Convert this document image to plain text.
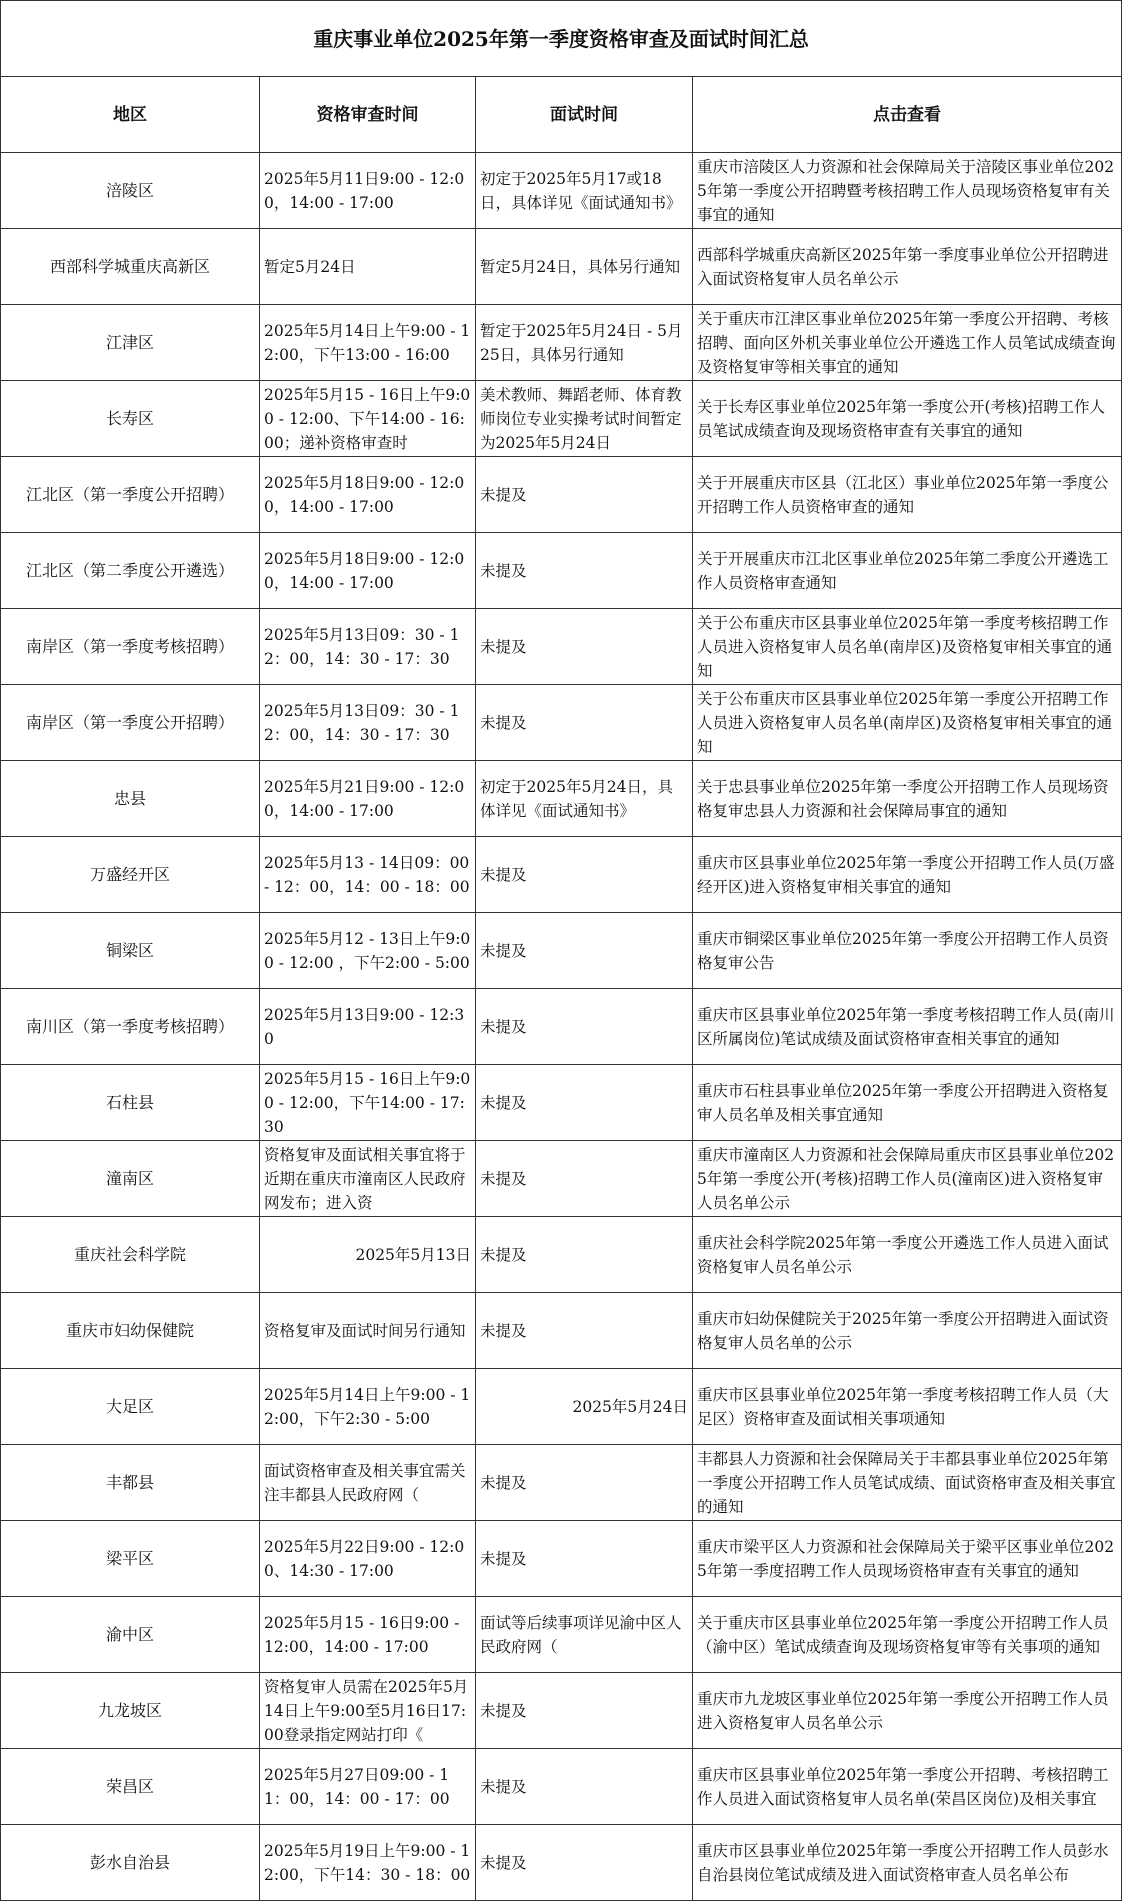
重庆事业单位2025年第一季度资格审查及面试时间汇总			
地区	资格审查时间	面试时间	点击查看

涪陵区	2025年5月11日9:00 - 12:00，14:00 - 17:00	初定于2025年5月17或18日，具体详见《面试通知书》	重庆市涪陵区人力资源和社会保障局关于涪陵区事业单位2025年第一季度公开招聘暨考核招聘工作人员现场资格复审有关事宜的通知

西部科学城重庆高新区	暂定5月24日	暂定5月24日，具体另行通知	西部科学城重庆高新区2025年第一季度事业单位公开招聘进入面试资格复审人员名单公示

江津区	2025年5月14日上午9:00 - 12:00，下午13:00 - 16:00	暂定于2025年5月24日 - 5月25日，具体另行通知	关于重庆市江津区事业单位2025年第一季度公开招聘、考核招聘、面向区外机关事业单位公开遴选工作人员笔试成绩查询及资格复审等相关事宜的通知

长寿区	2025年5月15 - 16日上午9:00 - 12:00、下午14:00 - 16:00；递补资格审查时	美术教师、舞蹈老师、体育教师岗位专业实操考试时间暂定为2025年5月24日	关于长寿区事业单位2025年第一季度公开(考核)招聘工作人员笔试成绩查询及现场资格审查有关事宜的通知

江北区（第一季度公开招聘）	2025年5月18日9:00 - 12:00，14:00 - 17:00	未提及	关于开展重庆市区县（江北区）事业单位2025年第一季度公开招聘工作人员资格审查的通知

江北区（第二季度公开遴选）	2025年5月18日9:00 - 12:00，14:00 - 17:00	未提及	关于开展重庆市江北区事业单位2025年第二季度公开遴选工作人员资格审查通知

南岸区（第一季度考核招聘）	2025年5月13日09：30 - 12：00，14：30 - 17：30	未提及	关于公布重庆市区县事业单位2025年第一季度考核招聘工作人员进入资格复审人员名单(南岸区)及资格复审相关事宜的通知

南岸区（第一季度公开招聘）	2025年5月13日09：30 - 12：00，14：30 - 17：30	未提及	关于公布重庆市区县事业单位2025年第一季度公开招聘工作人员进入资格复审人员名单(南岸区)及资格复审相关事宜的通知

忠县	2025年5月21日9:00 - 12:00，14:00 - 17:00	初定于2025年5月24日，具体详见《面试通知书》	关于忠县事业单位2025年第一季度公开招聘工作人员现场资格复审忠县人力资源和社会保障局事宜的通知

万盛经开区	2025年5月13 - 14日09：00 - 12：00，14：00 - 18：00	未提及	重庆市区县事业单位2025年第一季度公开招聘工作人员(万盛经开区)进入资格复审相关事宜的通知

铜梁区	2025年5月12 - 13日上午9:00 - 12:00 ，下午2:00 - 5:00	未提及	重庆市铜梁区事业单位2025年第一季度公开招聘工作人员资格复审公告

南川区（第一季度考核招聘）	2025年5月13日9:00 - 12:30	未提及	重庆市区县事业单位2025年第一季度考核招聘工作人员(南川区所属岗位)笔试成绩及面试资格审查相关事宜的通知

石柱县	2025年5月15 - 16日上午9:00 - 12:00，下午14:00 - 17:30	未提及	重庆市石柱县事业单位2025年第一季度公开招聘进入资格复审人员名单及相关事宜通知

潼南区	资格复审及面试相关事宜将于近期在重庆市潼南区人民政府网发布；进入资	未提及	重庆市潼南区人力资源和社会保障局重庆市区县事业单位2025年第一季度公开(考核)招聘工作人员(潼南区)进入资格复审人员名单公示

重庆社会科学院	2025年5月13日	未提及	重庆社会科学院2025年第一季度公开遴选工作人员进入面试资格复审人员名单公示

重庆市妇幼保健院	资格复审及面试时间另行通知	未提及	重庆市妇幼保健院关于2025年第一季度公开招聘进入面试资格复审人员名单的公示

大足区	2025年5月14日上午9:00 - 12:00，下午2:30 - 5:00	2025年5月24日	重庆市区县事业单位2025年第一季度考核招聘工作人员（大足区）资格审查及面试相关事项通知

丰都县	面试资格审查及相关事宜需关注丰都县人民政府网（	未提及	丰都县人力资源和社会保障局关于丰都县事业单位2025年第一季度公开招聘工作人员笔试成绩、面试资格审查及相关事宜的通知

梁平区	2025年5月22日9:00 - 12:00、14:30 - 17:00	未提及	重庆市梁平区人力资源和社会保障局关于梁平区事业单位2025年第一季度招聘工作人员现场资格审查有关事宜的通知

渝中区	2025年5月15 - 16日9:00 - 12:00，14:00 - 17:00	面试等后续事项详见渝中区人民政府网（	关于重庆市区县事业单位2025年第一季度公开招聘工作人员（渝中区）笔试成绩查询及现场资格复审等有关事项的通知

九龙坡区	资格复审人员需在2025年5月14日上午9:00至5月16日17:00登录指定网站打印《	未提及	重庆市九龙坡区事业单位2025年第一季度公开招聘工作人员进入资格复审人员名单公示

荣昌区	2025年5月27日09:00 - 11：00，14：00 - 17：00	未提及	重庆市区县事业单位2025年第一季度公开招聘、考核招聘工作人员进入面试资格复审人员名单(荣昌区岗位)及相关事宜

彭水自治县	2025年5月19日上午9:00 - 12:00，下午14：30 - 18：00	未提及	重庆市区县事业单位2025年第一季度公开招聘工作人员彭水自治县岗位笔试成绩及进入面试资格审查人员名单公布
